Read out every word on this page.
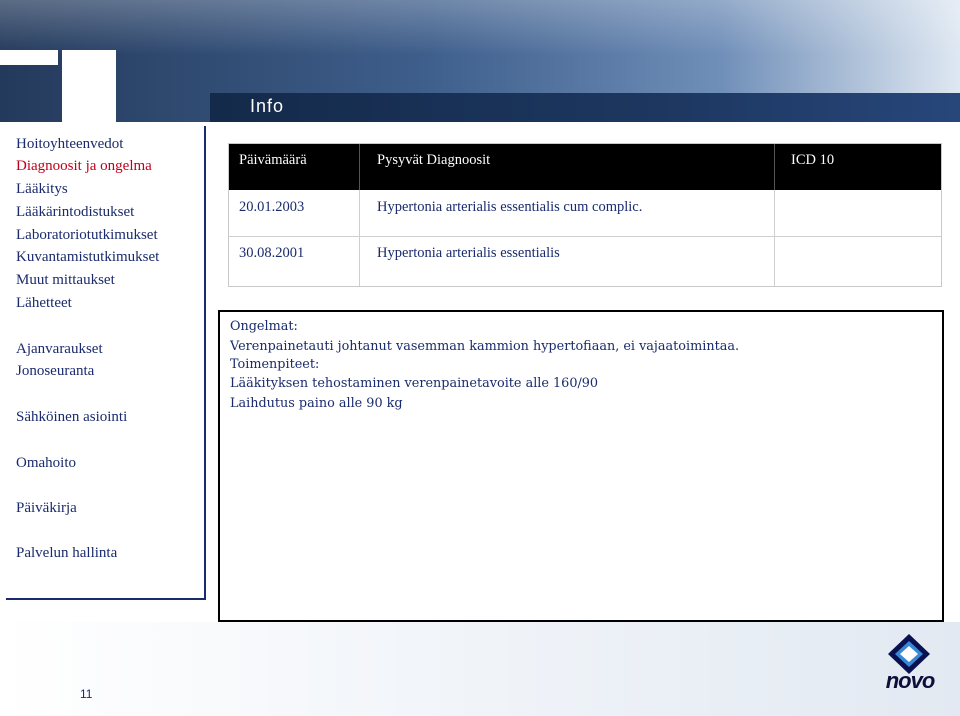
Info
Hoitoyhteenvedot
Diagnoosit ja ongelma
Lääkitys
Lääkärintodistukset
Laboratoriotutkimukset
Kuvantamistutkimukset
Muut mittaukset
Lähetteet
Ajanvaraukset
Jonoseuranta
Sähköinen asiointi
Omahoito
Päiväkirja
Palvelun hallinta
Päivämäärä	Pysyvät Diagnoosit	ICD 10
20.01.2003	Hypertonia arterialis essentialis cum complic.
30.08.2001	Hypertonia arterialis essentialis
Ongelmat:
Verenpainetauti johtanut vasemman kammion hypertofiaan, ei vajaatoimintaa.
Toimenpiteet:
Lääkityksen tehostaminen verenpainetavoite alle 160/90
Laihdutus paino alle 90 kg
11
novo
